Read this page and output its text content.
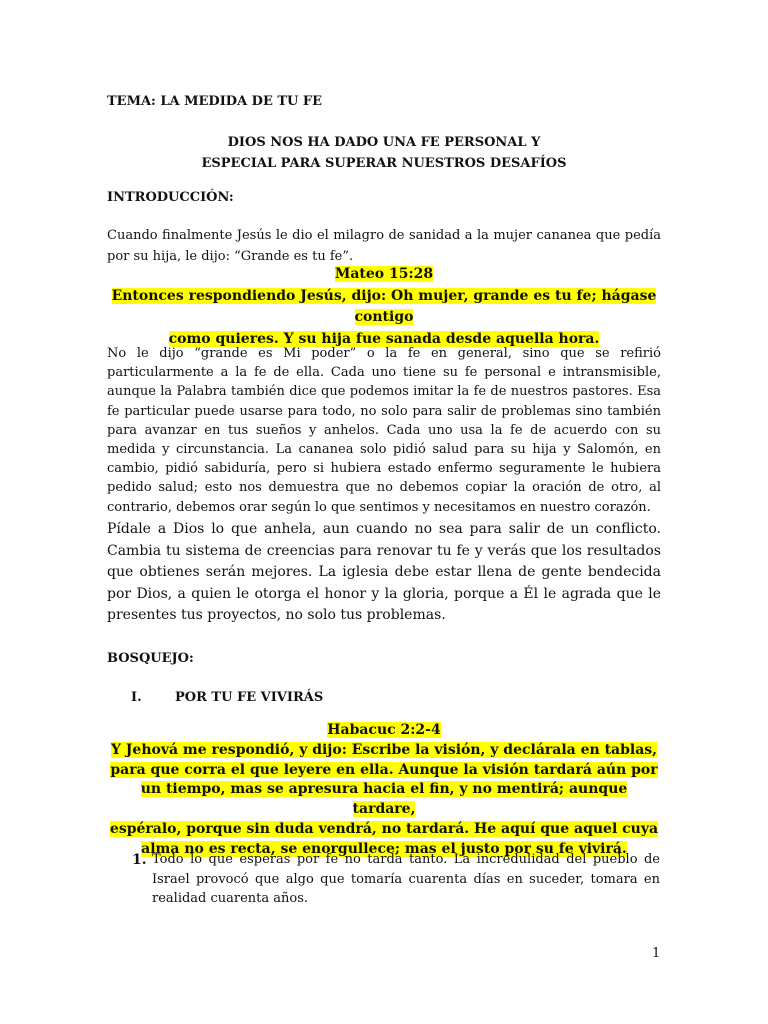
TEMA: LA MEDIDA DE TU FE

DIOS NOS HA DADO UNA FE PERSONAL Y
ESPECIAL PARA SUPERAR NUESTROS DESAFÍOS

INTRODUCCIÓN:

Cuando finalmente Jesús le dio el milagro de sanidad a la mujer cananea que pedía por su hija, le dijo: “Grande es tu fe”.

Mateo 15:28
Entonces respondiendo Jesús, dijo: Oh mujer, grande es tu fe; hágase contigo
como quieres. Y su hija fue sanada desde aquella hora.

No le dijo “grande es Mi poder” o la fe en general, sino que se refirió particularmente a la fe de ella. Cada uno tiene su fe personal e intransmisible, aunque la Palabra también dice que podemos imitar la fe de nuestros pastores. Esa fe particular puede usarse para todo, no solo para salir de problemas sino también para avanzar en tus sueños y anhelos. Cada uno usa la fe de acuerdo con su medida y circunstancia. La cananea solo pidió salud para su hija y Salomón, en cambio, pidió sabiduría, pero si hubiera estado enfermo seguramente le hubiera pedido salud; esto nos demuestra que no debemos copiar la oración de otro, al contrario, debemos orar según lo que sentimos y necesitamos en nuestro corazón.

Pídale a Dios lo que anhela, aun cuando no sea para salir de un conflicto. Cambia tu sistema de creencias para renovar tu fe y verás que los resultados que obtienes serán mejores. La iglesia debe estar llena de gente bendecida por Dios, a quien le otorga el honor y la gloria, porque a Él le agrada que le presentes tus proyectos, no solo tus problemas.

BOSQUEJO:

I.	POR TU FE VIVIRÁS
Habacuc 2:2-4
Y Jehová me respondió, y dijo: Escribe la visión, y declárala en tablas,
para que corra el que leyere en ella. Aunque la visión tardará aún por
un tiempo, mas se apresura hacia el fin, y no mentirá; aunque tardare,
espéralo, porque sin duda vendrá, no tardará. He aquí que aquel cuya
alma no es recta, se enorgullece; mas el justo por su fe vivirá.
1. Todo lo que esperas por fe no tarda tanto. La incredulidad del pueblo de Israel provocó que algo que tomaría cuarenta días en suceder, tomara en realidad cuarenta años.
1
